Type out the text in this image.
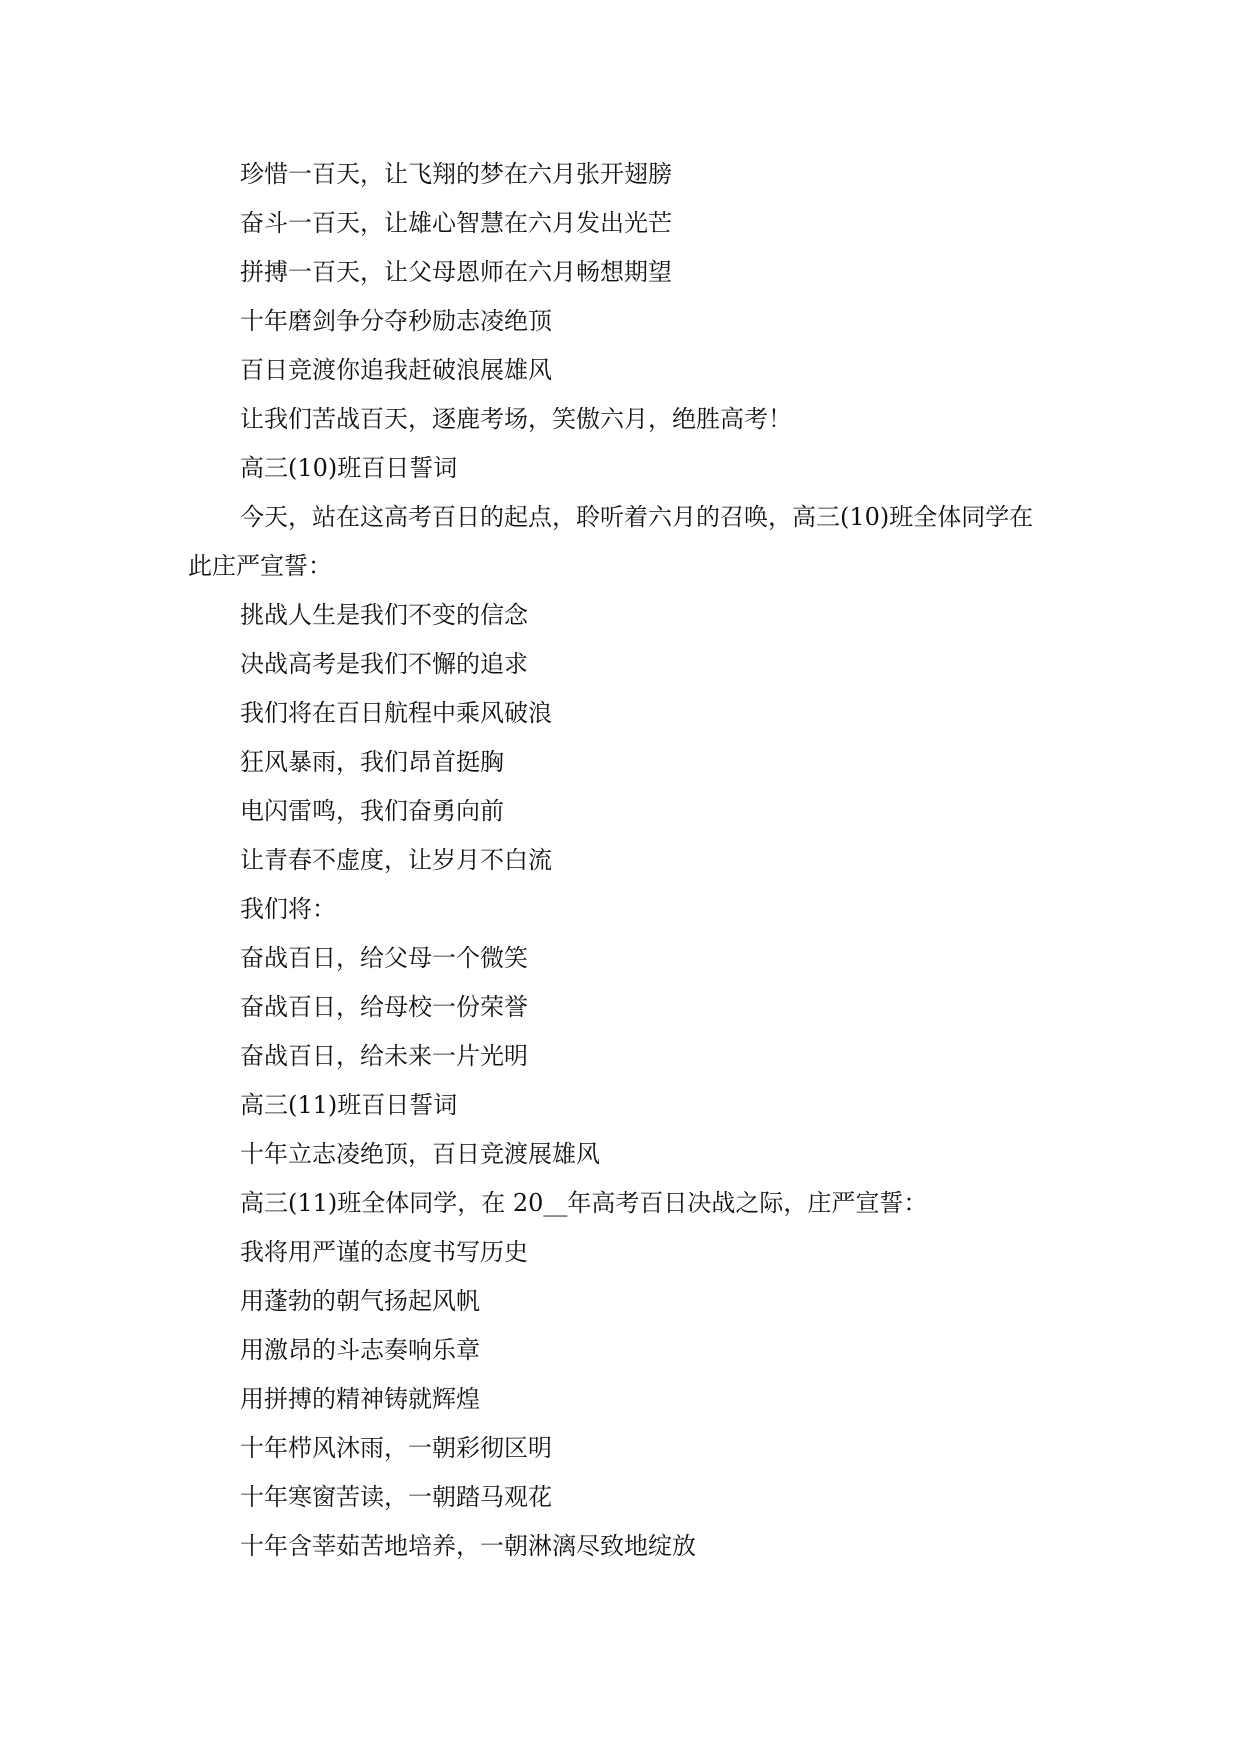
珍惜一百天，让飞翔的梦在六月张开翅膀
奋斗一百天，让雄心智慧在六月发出光芒
拼搏一百天，让父母恩师在六月畅想期望
十年磨剑争分夺秒励志凌绝顶
百日竞渡你追我赶破浪展雄风
让我们苦战百天，逐鹿考场，笑傲六月，绝胜高考！
高三(10)班百日誓词
今天，站在这高考百日的起点，聆听着六月的召唤，高三(10)班全体同学在此庄严宣誓：
挑战人生是我们不变的信念
决战高考是我们不懈的追求
我们将在百日航程中乘风破浪
狂风暴雨，我们昂首挺胸
电闪雷鸣，我们奋勇向前
让青春不虚度，让岁月不白流
我们将：
奋战百日，给父母一个微笑
奋战百日，给母校一份荣誉
奋战百日，给未来一片光明
高三(11)班百日誓词
十年立志凌绝顶，百日竞渡展雄风
高三(11)班全体同学，在 20__年高考百日决战之际，庄严宣誓：
我将用严谨的态度书写历史
用蓬勃的朝气扬起风帆
用激昂的斗志奏响乐章
用拼搏的精神铸就辉煌
十年栉风沐雨，一朝彩彻区明
十年寒窗苦读，一朝踏马观花
十年含莘茹苦地培养，一朝淋漓尽致地绽放
